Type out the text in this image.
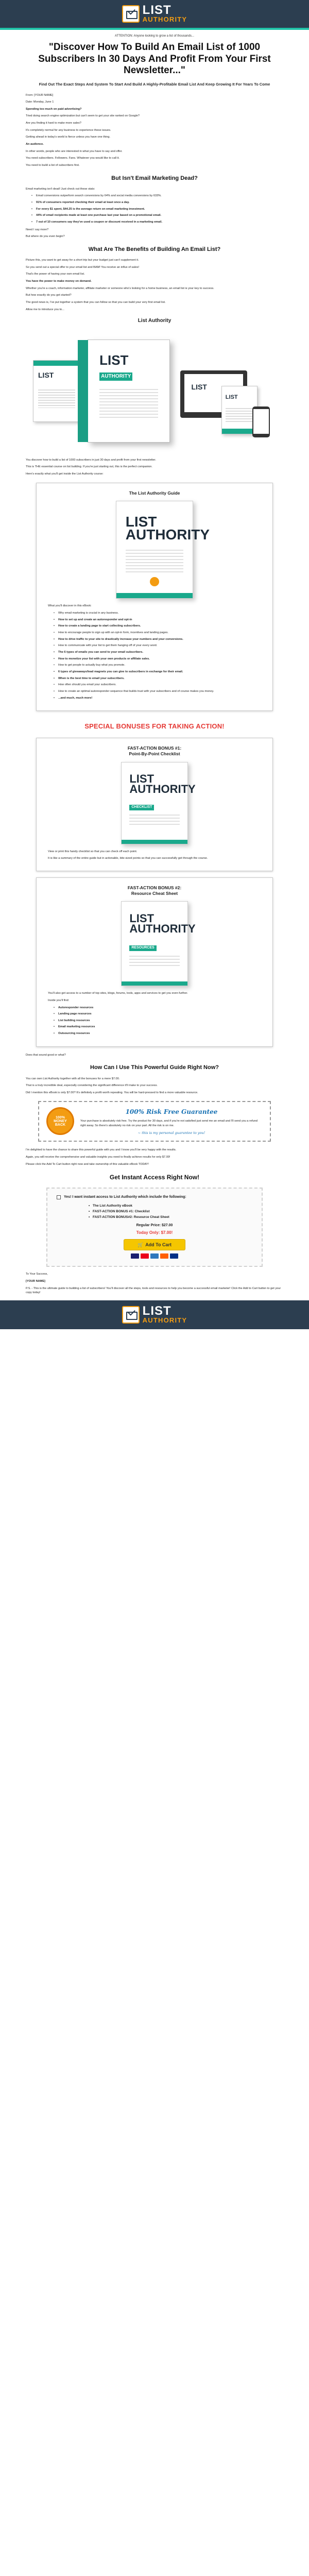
LIST
AUTHORITY
ATTENTION: Anyone looking to grow a list of thousands...
"Discover How To Build An Email List of 1000 Subscribers In 30 Days And Profit From Your First Newsletter..."
Find Out The Exact Steps And System To Start And Build A Highly-Profitable Email List And Keep Growing It For Years To Come

From: [YOUR NAME]

Date: Monday, June 1

Spending too much on paid advertising?

Tried doing search engine optimization but can't seem to get your site ranked on Google?

Are you finding it hard to make more sales?

It's completely normal for any business to experience these issues.

Getting ahead in today's world is fierce unless you have one thing.

An audience.

In other words, people who are interested in what you have to say and offer.

You need subscribers. Followers. Fans. Whatever you would like to call it.

You need to build a list of subscribers first.

But Isn't Email Marketing Dead?

Email marketing isn't dead! Just check out these stats:

• Email conversions outperform search conversions by 64% and social media conversions by 633%.
• 91% of consumers reported checking their email at least once a day.
• For every $1 spent, $44.25 is the average return on email marketing investment.
• 44% of email recipients made at least one purchase last year based on a promotional email.
• 7 out of 10 consumers say they've used a coupon or discount received in a marketing email.

Need I say more?

But where do you even begin?

What Are The Benefits of Building An Email List?

Picture this, you want to get away for a short trip but your budget just can't supplement it.

So you send out a special offer to your email list and BAM! You receive an influx of sales!

That's the power of having your own email list.

You have the power to make money on demand.

Whether you're a coach, information marketer, affiliate marketer or someone who's looking for a home business, an email list is your key to success.

But how exactly do you get started?

The good news is, I've put together a system that you can follow so that you can build your very first email list.

Allow me to introduce you to...

List Authority
LIST
LIST
AUTHORITY
LIST
LIST

You discover how to build a list of 1000 subscribers in just 30 days and profit from your first newsletter.

This is THE essential course on list building. If you're just starting out, this is the perfect companion.

Here's exactly what you'll get inside the List Authority course:

The List Authority Guide
LIST
AUTHORITY

What you'll discover in this eBook:

• Why email marketing is crucial in any business.
• How to set up and create an autoresponder and opt-in
• How to create a landing page to start collecting subscribers.
• How to encourage people to sign up with an opt-in form, incentives and landing pages.
• How to drive traffic to your site to drastically increase your numbers and your conversions.
• How to communicate with your list to get them hanging off of your every word.
• The 6 types of emails you can send to your email subscribers.
• How to monetize your list with your own products or affiliate sales.
• How to get people to actually buy what you promote.
• 6 types of giveaways/lead magnets you can give to subscribers in exchange for their email.
• When is the best time to email your subscribers.
• How often should you email your subscribers.
• How to create an optimal autoresponder sequence that builds trust with your subscribers and of course makes you money.
• ...and much, much more!
SPECIAL BONUSES FOR TAKING ACTION!
FAST-ACTION BONUS #1:
Point-By-Point Checklist
LIST
AUTHORITY
CHECKLIST

View or print this handy checklist so that you can check off each point.

It is like a summary of the entire guide but in actionable, bite-sized points so that you can successfully get through the course.

FAST-ACTION BONUS #2:
Resource Cheat Sheet
LIST
AUTHORITY
RESOURCES

You'll also get access to a number of top sites, blogs, forums, tools, apps and services to get you even further.

Inside you'll find:

• Autoresponder resources
• Landing page resources
• List building resources
• Email marketing resources
• Outsourcing resources

Does that sound good or what?

How Can I Use This Powerful Guide Right Now?

You can own List Authority together with all the bonuses for a mere $7.00.

That is a truly incredible deal, especially considering the significant difference it'll make to your success.

Did I mention this eBook is only $7.00? It's definitely a profit worth repeating. You will be hard-pressed to find a more valuable resource.

100%
MONEY
BACK
100% Risk Free Guarantee

Your purchase is absolutely risk free. Try the product for 30 days, and if you're not satisfied just send me an email and I'll send you a refund right away. So there's absolutely no risk on your part. All the risk is on me.

~ this is my personal guarantee to you!

I'm delighted to have the chance to share this powerful guide with you and I know you'll be very happy with the results.

Again, you will receive the comprehensive and valuable insights you need to finally achieve results for only $7.00!

Please click the Add To Cart button right now and take ownership of this valuable eBook TODAY!

Get Instant Access Right Now!
Yes! I want instant access to List Authority which include the following:
• The List Authority eBook
• FAST-ACTION BONUS #1: Checklist
• FAST-ACTION BONUS#2: Resource Cheat Sheet
Regular Price: $27.00
Today Only: $7.00!
🛒 Add To Cart

To Your Success,

[YOUR NAME]

P.S. - This is the ultimate guide to building a list of subscribers! You'll discover all the steps, tools and resources to help you become a successful email marketer! Click the Add to Cart button to get your copy today!

LIST
AUTHORITY
